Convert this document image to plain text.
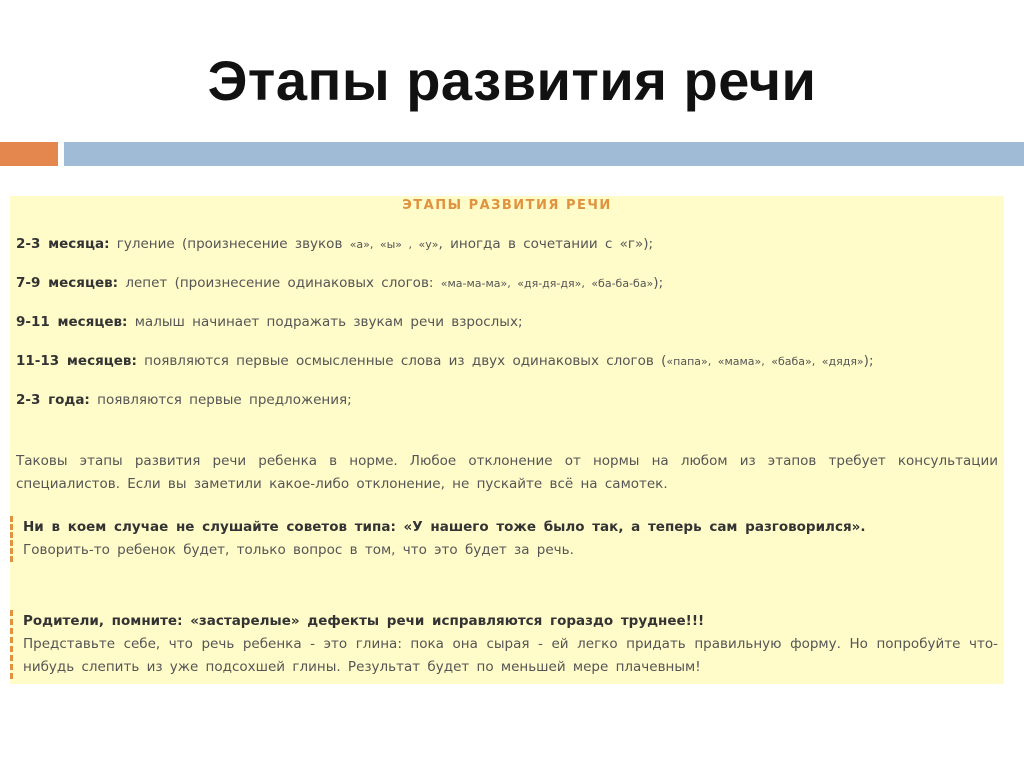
Этапы развития речи
ЭТАПЫ РАЗВИТИЯ РЕЧИ
2-3 месяца: гуление (произнесение звуков «а», «ы» , «у», иногда в сочетании с «г»);
7-9 месяцев: лепет (произнесение одинаковых слогов: «ма-ма-ма», «дя-дя-дя», «ба-ба-ба»);
9-11 месяцев: малыш начинает подражать звукам речи взрослых;
11-13 месяцев: появляются первые осмысленные слова из двух одинаковых слогов («папа», «мама», «баба», «дядя»);
2-3 года: появляются первые предложения;
Таковы этапы развития речи ребенка в норме. Любое отклонение от нормы на любом из этапов требует консультации специалистов. Если вы заметили какое-либо отклонение, не пускайте всё на самотек.
Ни в коем случае не слушайте советов типа: «У нашего тоже было так, а теперь сам разговорился».
Говорить-то ребенок будет, только вопрос в том, что это будет за речь.
Родители, помните: «застарелые» дефекты речи исправляются гораздо труднее!!!
Представьте себе, что речь ребенка - это глина: пока она сырая - ей легко придать правильную форму. Но попробуйте что-нибудь слепить из уже подсохшей глины. Результат будет по меньшей мере плачевным!
